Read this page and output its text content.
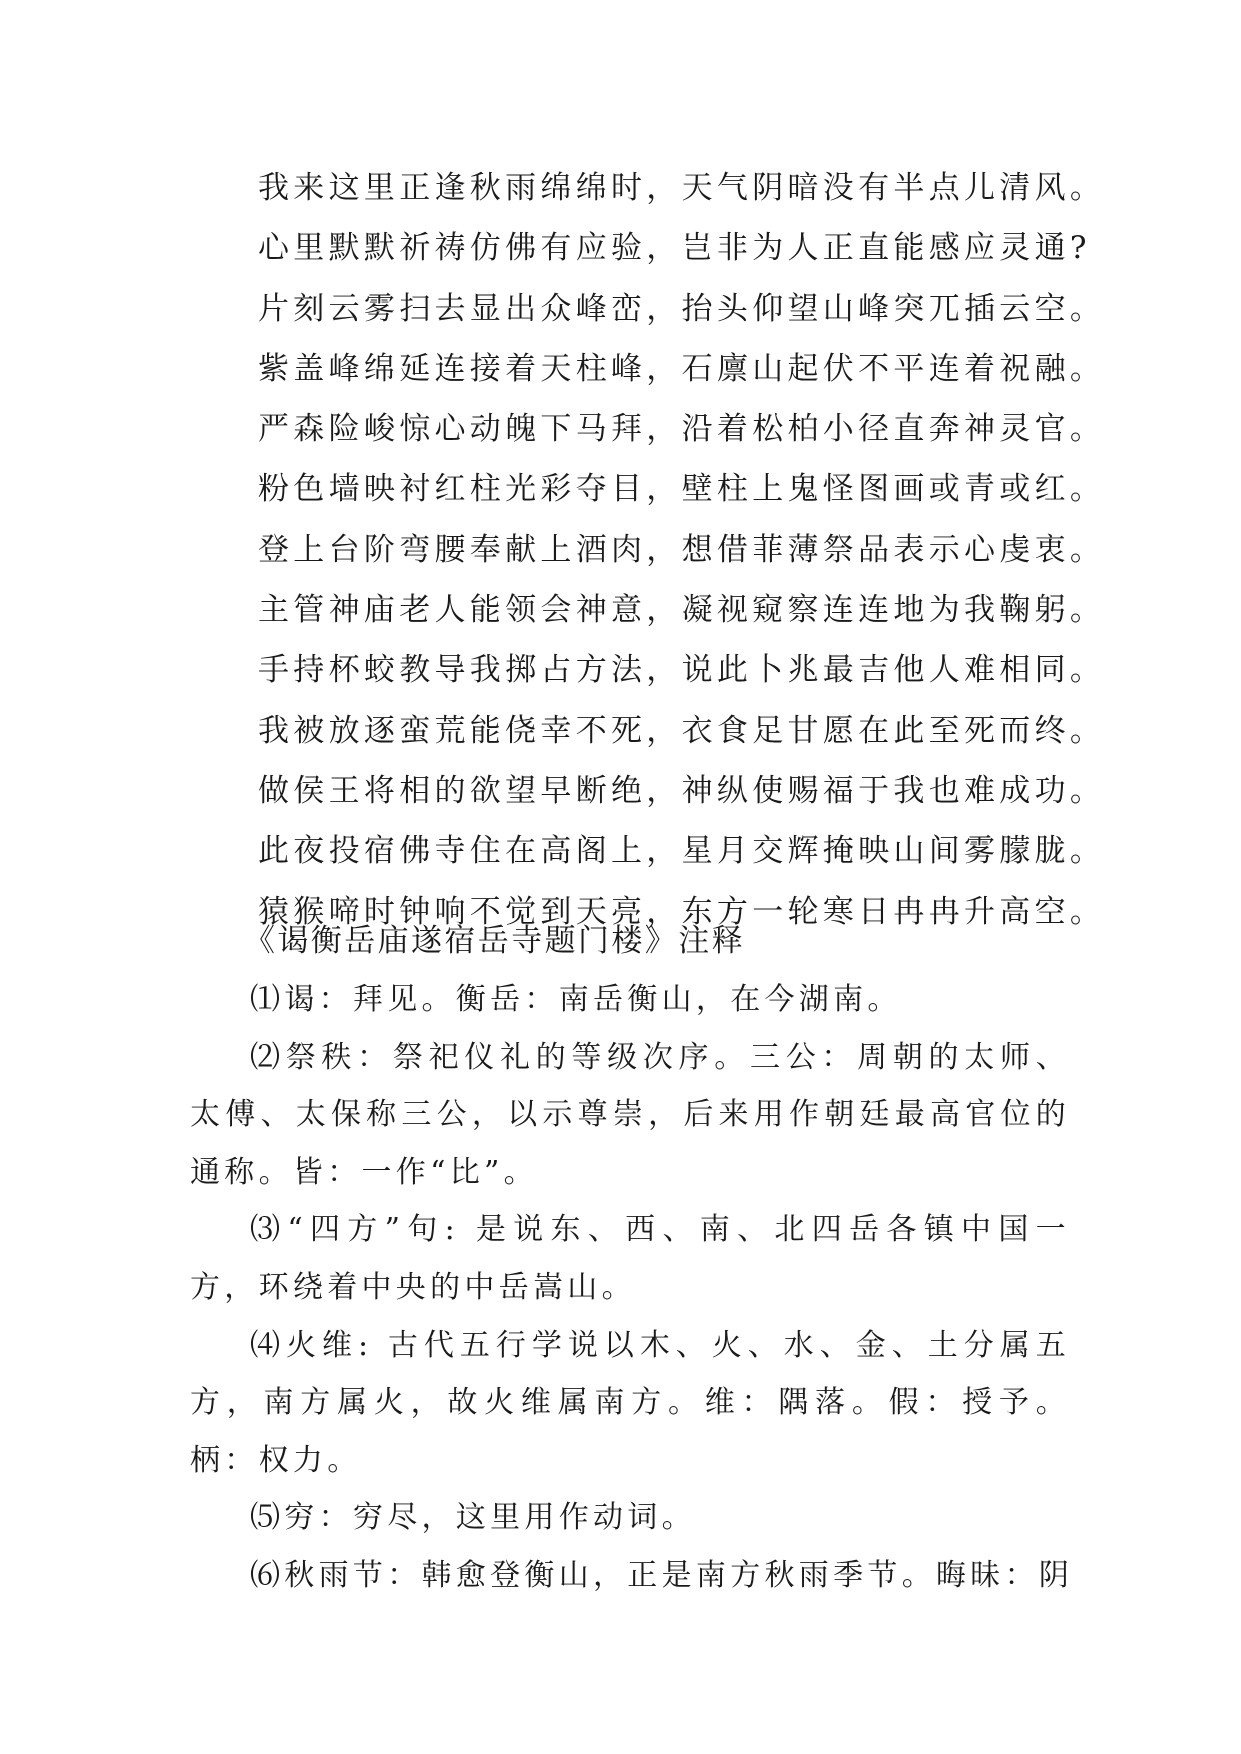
我来这里正逢秋雨绵绵时，天气阴暗没有半点儿清风。
心里默默祈祷仿佛有应验，岂非为人正直能感应灵通?
片刻云雾扫去显出众峰峦，抬头仰望山峰突兀插云空。
紫盖峰绵延连接着天柱峰，石廪山起伏不平连着祝融。
严森险峻惊心动魄下马拜，沿着松柏小径直奔神灵官。
粉色墙映衬红柱光彩夺目，壁柱上鬼怪图画或青或红。
登上台阶弯腰奉献上酒肉，想借菲薄祭品表示心虔衷。
主管神庙老人能领会神意，凝视窥察连连地为我鞠躬。
手持杯蛟教导我掷占方法，说此卜兆最吉他人难相同。
我被放逐蛮荒能侥幸不死，衣食足甘愿在此至死而终。
做侯王将相的欲望早断绝，神纵使赐福于我也难成功。
此夜投宿佛寺住在高阁上，星月交辉掩映山间雾朦胧。
猿猴啼时钟响不觉到天亮，东方一轮寒日冉冉升高空。
《谒衡岳庙遂宿岳寺题门楼》注释

⑴谒：拜见。衡岳：南岳衡山，在今湖南。

⑵祭秩：祭祀仪礼的等级次序。三公：周朝的太师、太傅、太保称三公，以示尊崇，后来用作朝廷最高官位的通称。皆：一作“比”。

⑶“四方”句: 是说东、西、南、北四岳各镇中国一方，环绕着中央的中岳嵩山。

⑷火维: 古代五行学说以木、火、水、金、土分属五方，南方属火，故火维属南方。维：隅落。假：授予。柄：权力。

⑸穷：穷尽，这里用作动词。

⑹秋雨节：韩愈登衡山，正是南方秋雨季节。晦昧：阴
